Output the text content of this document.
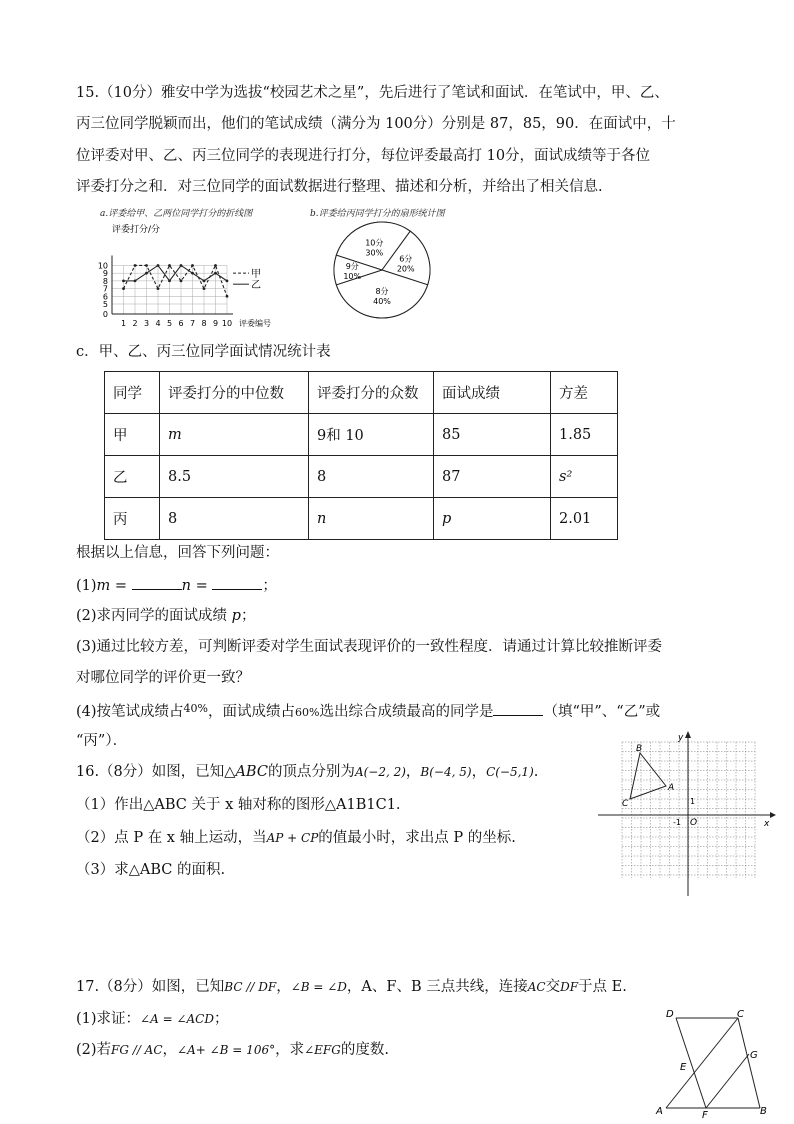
15.（10分）雅安中学为选拔“校园艺术之星”，先后进行了笔试和面试．在笔试中，甲、乙、
丙三位同学脱颖而出，他们的笔试成绩（满分为 100分）分别是 87，85，90．在面试中，十
位评委对甲、乙、丙三位同学的表现进行打分，每位评委最高打 10分，面试成绩等于各位
评委打分之和．对三位同学的面试数据进行整理、描述和分析，并给出了相关信息.
a.评委给甲、乙两位同学打分的折线图	b.评委给丙同学打分的扇形统计图
评委打分/分
0
5
6
7
8
9
10
1 2 3 4 5 6 7 8 9 10 评委编号
甲
乙
10分
30%
6分
20%
8分
40%
9分
10%
c．甲、乙、丙三位同学面试情况统计表
同学	评委打分的中位数	评委打分的众数	面试成绩	方差
甲	m	9和 10	85	1.85
乙	8.5	8	87	s²
丙	8	n	p	2.01
根据以上信息，回答下列问题：
(1)m =	n =	；
(2)求丙同学的面试成绩 p；
(3)通过比较方差，可判断评委对学生面试表现评价的一致性程度．请通过计算比较推断评委
对哪位同学的评价更一致？
(4)按笔试成绩占$^{40\%}$，面试成绩占60%选出综合成绩最高的同学是	（填“甲”、“乙”或
“丙”）．
16.（8分）如图，已知△ABC的顶点分别为A(−2, 2)，B(−4, 5)，C(−5,1).
（1）作出△ABC 关于 x 轴对称的图形△A1B1C1.
（2）点 P 在 x 轴上运动，当AP + CP的值最小时，求出点 P 的坐标.
（3）求△ABC 的面积.
A
B
C
O	x
y
-1
1
17.（8分）如图，已知BC // DF，∠B = ∠D，A、F、B 三点共线，连接AC交DF于点 E.
(1)求证：∠A = ∠ACD；
(2)若FG // AC，∠A+ ∠B = 106°，求∠EFG的度数.
A	B
C
D
E
F
G
